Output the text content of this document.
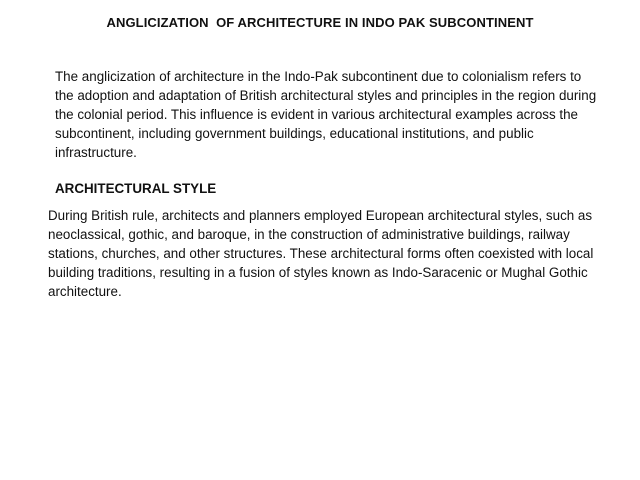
ANGLICIZATION  OF ARCHITECTURE IN INDO PAK SUBCONTINENT

The anglicization of architecture in the Indo-Pak subcontinent due to colonialism refers to the adoption and adaptation of British architectural styles and principles in the region during the colonial period. This influence is evident in various architectural examples across the subcontinent, including government buildings, educational institutions, and public infrastructure.

ARCHITECTURAL STYLE

During British rule, architects and planners employed European architectural styles, such as neoclassical, gothic, and baroque, in the construction of administrative buildings, railway stations, churches, and other structures. These architectural forms often coexisted with local building traditions, resulting in a fusion of styles known as Indo-Saracenic or Mughal Gothic architecture.
